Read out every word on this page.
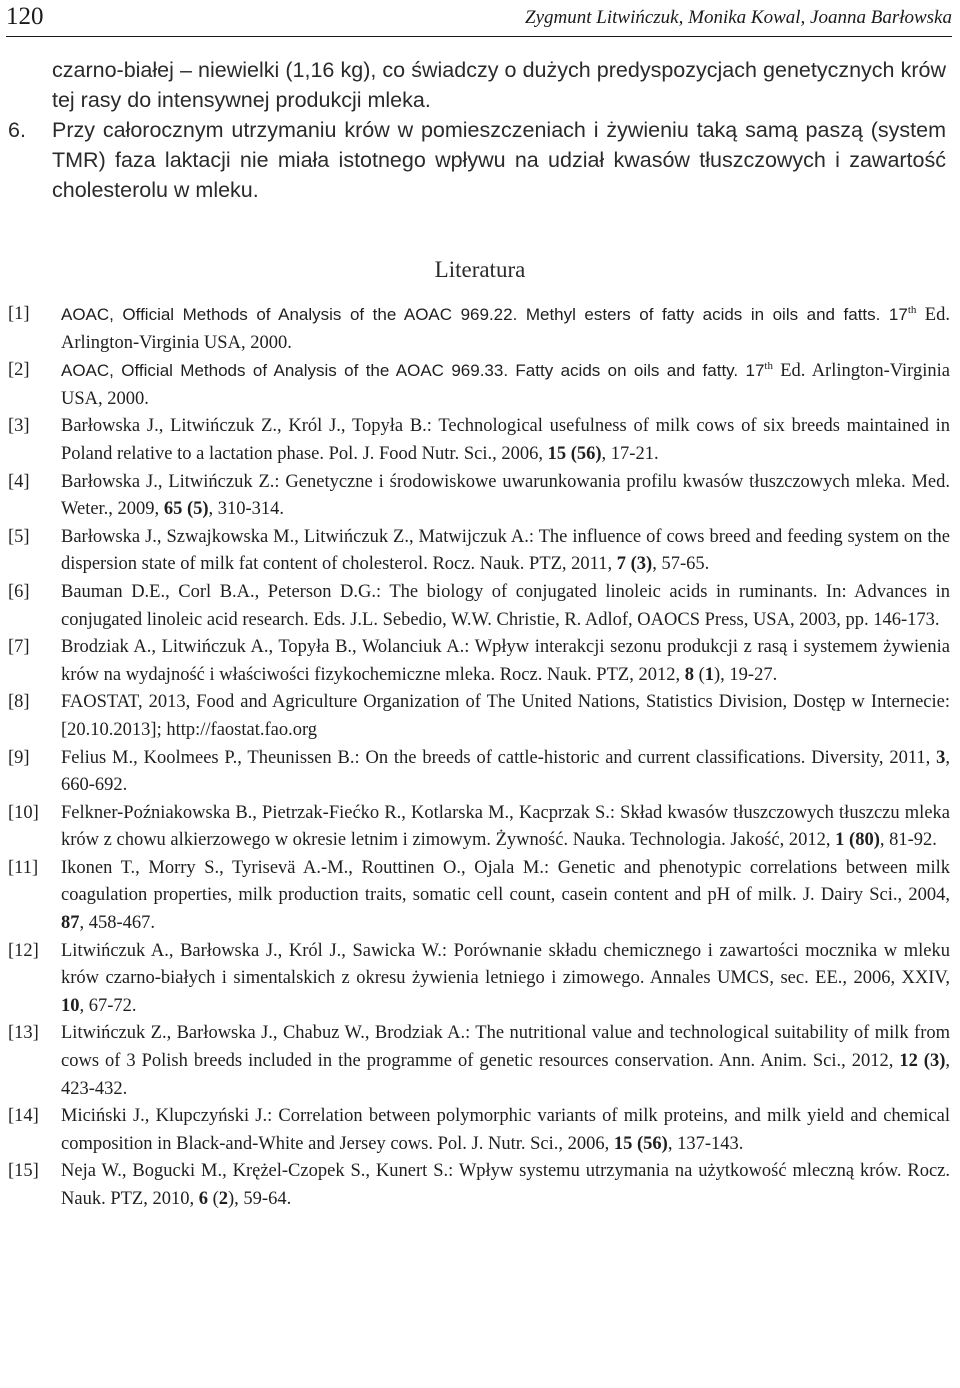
120	Zygmunt Litwińczuk, Monika Kowal, Joanna Barłowska

czarno-białej – niewielki (1,16 kg), co świadczy o dużych predyspozycjach genetycznych krów tej rasy do intensywnej produkcji mleka.

6. Przy całorocznym utrzymaniu krów w pomieszczeniach i żywieniu taką samą paszą (system TMR) faza laktacji nie miała istotnego wpływu na udział kwasów tłuszczowych i zawartość cholesterolu w mleku.

Literatura

[1] AOAC, Official Methods of Analysis of the AOAC 969.22. Methyl esters of fatty acids in oils and fatts. 17th Ed. Arlington-Virginia USA, 2000.

[2] AOAC, Official Methods of Analysis of the AOAC 969.33. Fatty acids on oils and fatty. 17th Ed. Arlington-Virginia USA, 2000.

[3] Barłowska J., Litwińczuk Z., Król J., Topyła B.: Technological usefulness of milk cows of six breeds maintained in Poland relative to a lactation phase. Pol. J. Food Nutr. Sci., 2006, 15 (56), 17-21.

[4] Barłowska J., Litwińczuk Z.: Genetyczne i środowiskowe uwarunkowania profilu kwasów tłuszczowych mleka. Med. Weter., 2009, 65 (5), 310-314.

[5] Barłowska J., Szwajkowska M., Litwińczuk Z., Matwijczuk A.: The influence of cows breed and feeding system on the dispersion state of milk fat content of cholesterol. Rocz. Nauk. PTZ, 2011, 7 (3), 57-65.

[6] Bauman D.E., Corl B.A., Peterson D.G.: The biology of conjugated linoleic acids in ruminants. In: Advances in conjugated linoleic acid research. Eds. J.L. Sebedio, W.W. Christie, R. Adlof, OAOCS Press, USA, 2003, pp. 146-173.

[7] Brodziak A., Litwińczuk A., Topyła B., Wolanciuk A.: Wpływ interakcji sezonu produkcji z rasą i systemem żywienia krów na wydajność i właściwości fizykochemiczne mleka. Rocz. Nauk. PTZ, 2012, 8 (1), 19-27.

[8] FAOSTAT, 2013, Food and Agriculture Organization of The United Nations, Statistics Division, Dostęp w Internecie: [20.10.2013]; http://faostat.fao.org

[9] Felius M., Koolmees P., Theunissen B.: On the breeds of cattle-historic and current classifications. Diversity, 2011, 3, 660-692.

[10] Felkner-Poźniakowska B., Pietrzak-Fiećko R., Kotlarska M., Kacprzak S.: Skład kwasów tłuszczowych tłuszczu mleka krów z chowu alkierzowego w okresie letnim i zimowym. Żywność. Nauka. Technologia. Jakość, 2012, 1 (80), 81-92.

[11] Ikonen T., Morry S., Tyrisevä A.-M., Routtinen O., Ojala M.: Genetic and phenotypic correlations between milk coagulation properties, milk production traits, somatic cell count, casein content and pH of milk. J. Dairy Sci., 2004, 87, 458-467.

[12] Litwińczuk A., Barłowska J., Król J., Sawicka W.: Porównanie składu chemicznego i zawartości mocznika w mleku krów czarno-białych i simentalskich z okresu żywienia letniego i zimowego. Annales UMCS, sec. EE., 2006, XXIV, 10, 67-72.

[13] Litwińczuk Z., Barłowska J., Chabuz W., Brodziak A.: The nutritional value and technological suitability of milk from cows of 3 Polish breeds included in the programme of genetic resources conservation. Ann. Anim. Sci., 2012, 12 (3), 423-432.

[14] Miciński J., Klupczyński J.: Correlation between polymorphic variants of milk proteins, and milk yield and chemical composition in Black-and-White and Jersey cows. Pol. J. Nutr. Sci., 2006, 15 (56), 137-143.

[15] Neja W., Bogucki M., Krężel-Czopek S., Kunert S.: Wpływ systemu utrzymania na użytkowość mleczną krów. Rocz. Nauk. PTZ, 2010, 6 (2), 59-64.
